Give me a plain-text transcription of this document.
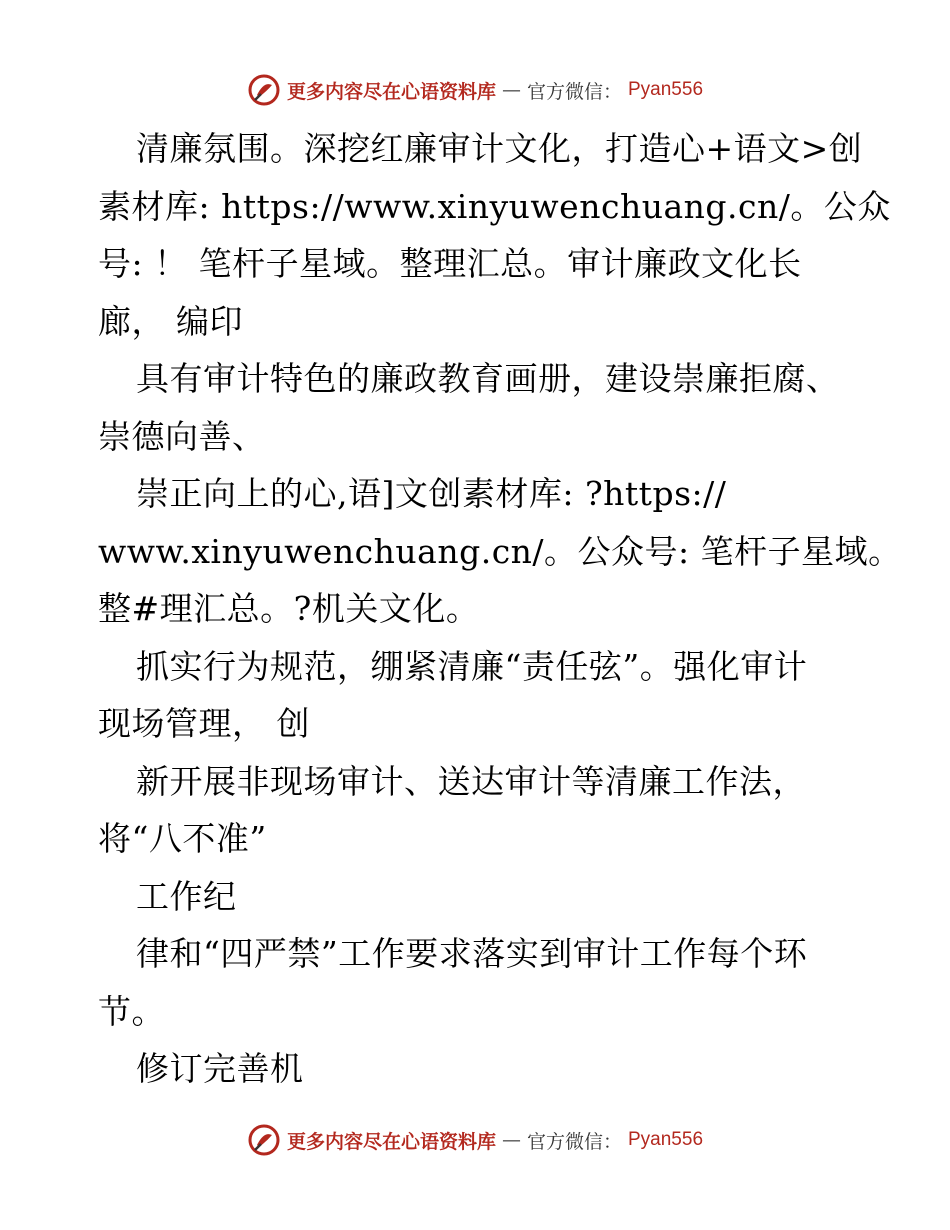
更多内容尽在心语资料库 — 官方微信： Pyan556
清廉氛围。深挖红廉审计文化，打造心+语文>创
素材库: https://www.xinyuwenchuang.cn/。公众
号: ！ 笔杆子星域。整理汇总。审计廉政文化长
廊， 编印
具有审计特色的廉政教育画册，建设崇廉拒腐、
崇德向善、
崇正向上的心,语]文创素材库: ?https://
www.xinyuwenchuang.cn/。公众号: 笔杆子星域。
整#理汇总。?机关文化。
抓实行为规范，绷紧清廉“责任弦”。强化审计
现场管理， 创
新开展非现场审计、送达审计等清廉工作法，
将“八不准”
工作纪
律和“四严禁”工作要求落实到审计工作每个环
节。
修订完善机
更多内容尽在心语资料库 — 官方微信： Pyan556
